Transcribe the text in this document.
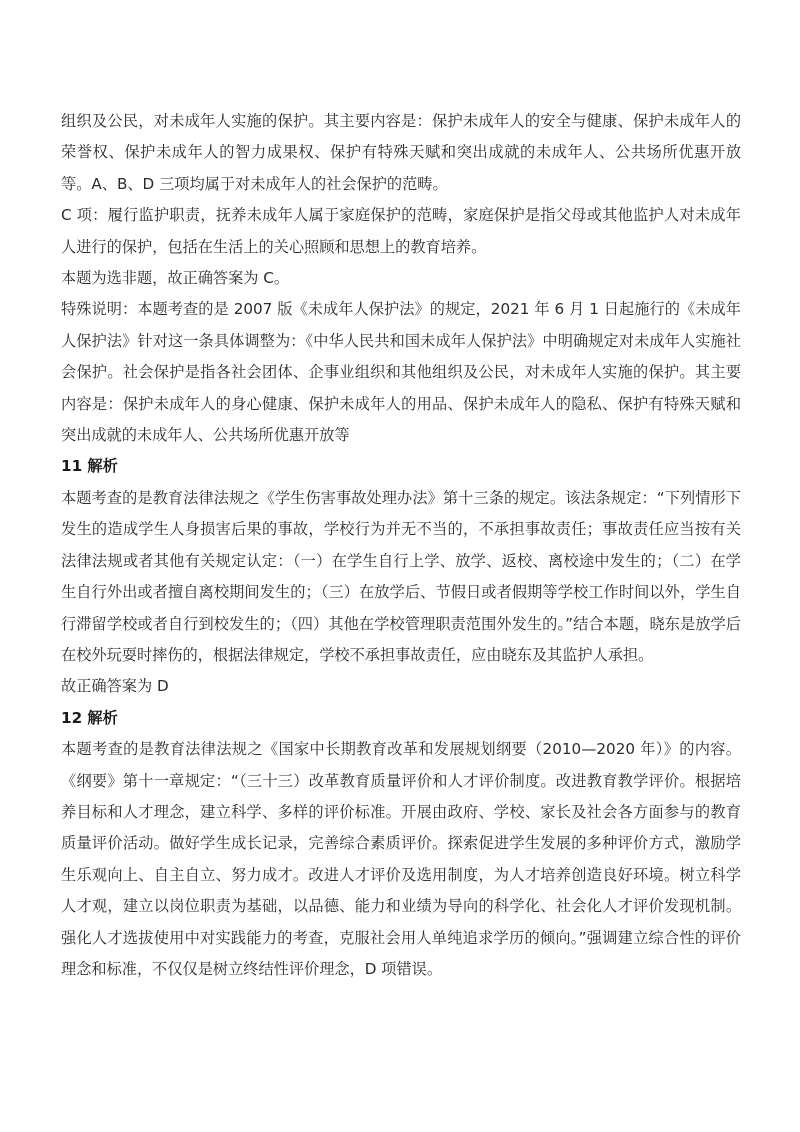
组织及公民，对未成年人实施的保护。其主要内容是：保护未成年人的安全与健康、保护未成年人的荣誉权、保护未成年人的智力成果权、保护有特殊天赋和突出成就的未成年人、公共场所优惠开放等。A、B、D 三项均属于对未成年人的社会保护的范畴。

C 项：履行监护职责，抚养未成年人属于家庭保护的范畴，家庭保护是指父母或其他监护人对未成年人进行的保护，包括在生活上的关心照顾和思想上的教育培养。

本题为选非题，故正确答案为 C。

特殊说明：本题考查的是 2007 版《未成年人保护法》的规定，2021 年 6 月 1 日起施行的《未成年人保护法》针对这一条具体调整为：《中华人民共和国未成年人保护法》中明确规定对未成年人实施社会保护。社会保护是指各社会团体、企事业组织和其他组织及公民，对未成年人实施的保护。其主要内容是：保护未成年人的身心健康、保护未成年人的用品、保护未成年人的隐私、保护有特殊天赋和突出成就的未成年人、公共场所优惠开放等

11 解析

本题考查的是教育法律法规之《学生伤害事故处理办法》第十三条的规定。该法条规定：“下列情形下发生的造成学生人身损害后果的事故，学校行为并无不当的，不承担事故责任；事故责任应当按有关法律法规或者其他有关规定认定：（一）在学生自行上学、放学、返校、离校途中发生的；（二）在学生自行外出或者擅自离校期间发生的；（三）在放学后、节假日或者假期等学校工作时间以外，学生自行滞留学校或者自行到校发生的；（四）其他在学校管理职责范围外发生的。”结合本题，晓东是放学后在校外玩耍时摔伤的，根据法律规定，学校不承担事故责任，应由晓东及其监护人承担。

故正确答案为 D

12 解析

本题考查的是教育法律法规之《国家中长期教育改革和发展规划纲要（2010—2020 年）》的内容。《纲要》第十一章规定：“（三十三）改革教育质量评价和人才评价制度。改进教育教学评价。根据培养目标和人才理念，建立科学、多样的评价标准。开展由政府、学校、家长及社会各方面参与的教育质量评价活动。做好学生成长记录，完善综合素质评价。探索促进学生发展的多种评价方式，激励学生乐观向上、自主自立、努力成才。改进人才评价及选用制度，为人才培养创造良好环境。树立科学人才观，建立以岗位职责为基础，以品德、能力和业绩为导向的科学化、社会化人才评价发现机制。强化人才选拔使用中对实践能力的考查，克服社会用人单纯追求学历的倾向。”强调建立综合性的评价理念和标准，不仅仅是树立终结性评价理念，D 项错误。
